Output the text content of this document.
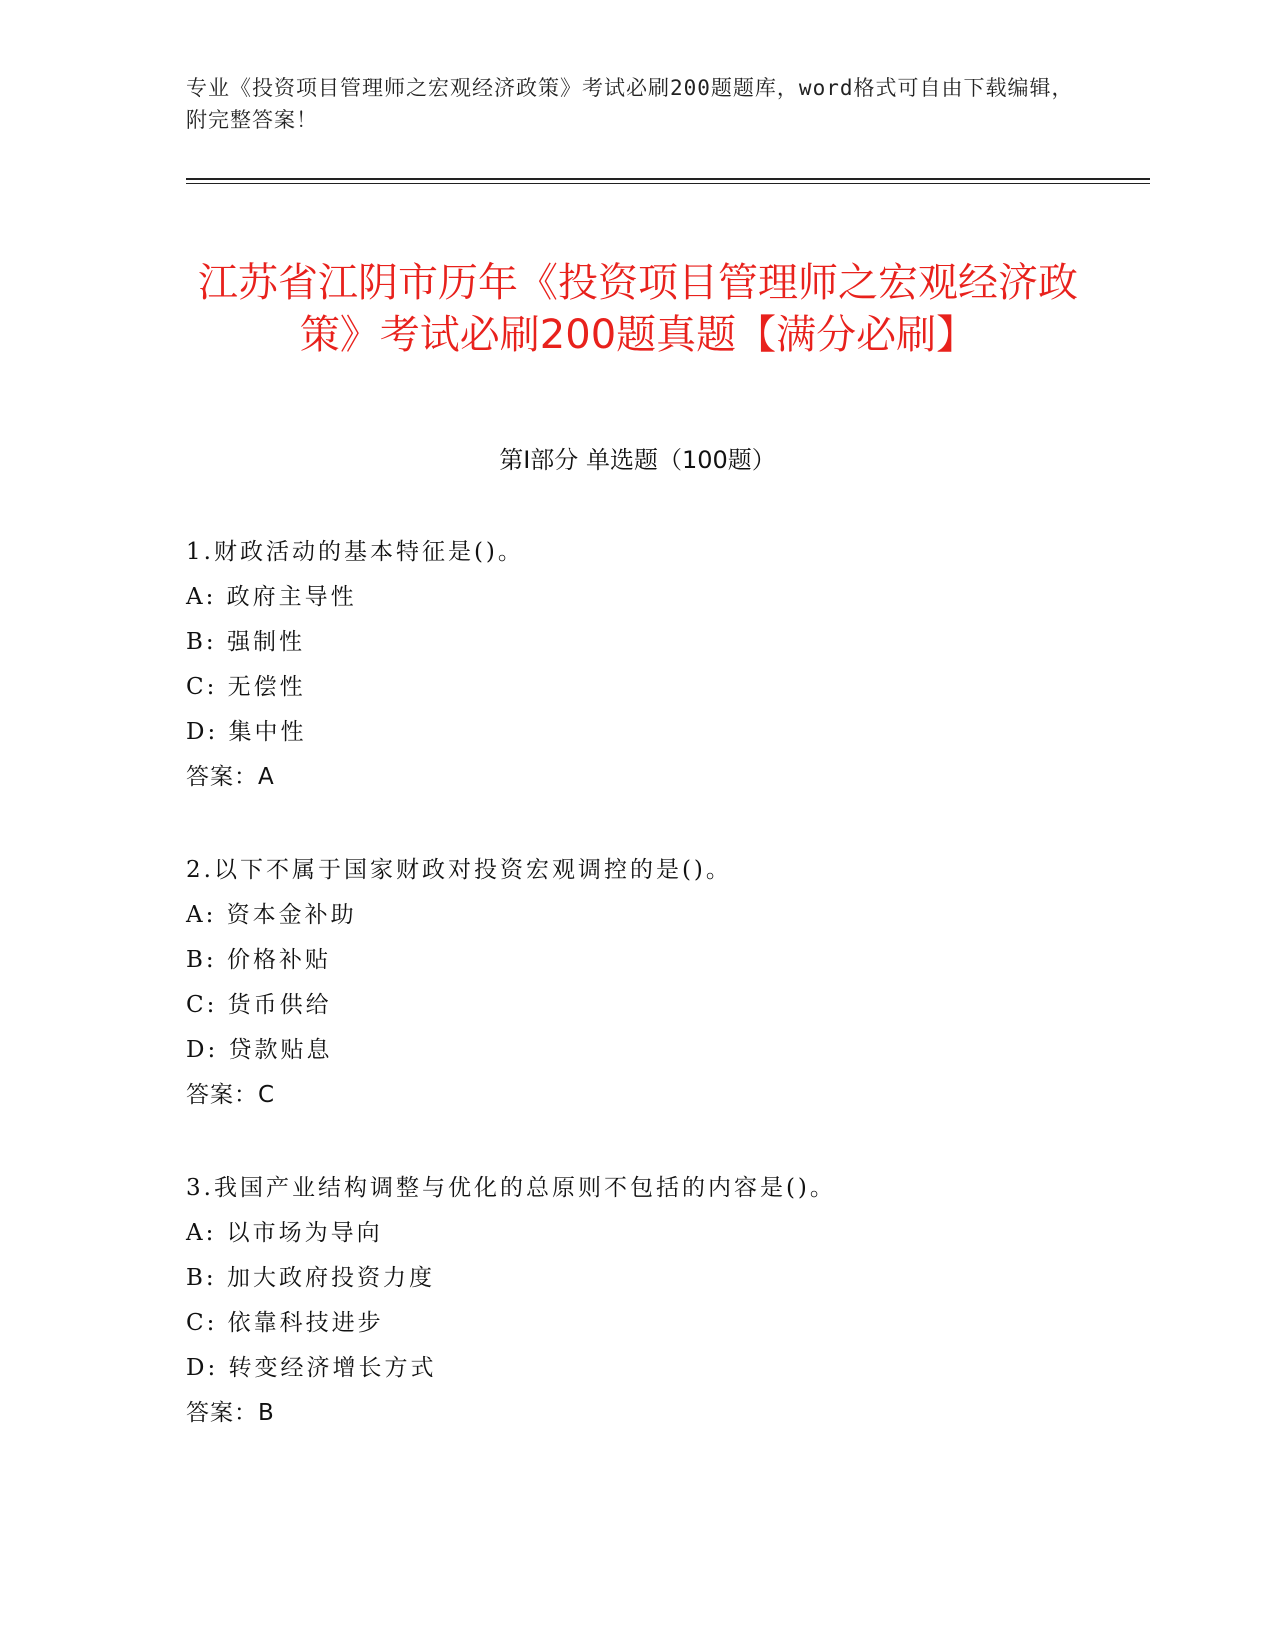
专业《投资项目管理师之宏观经济政策》考试必刷200题题库，word格式可自由下载编辑，附完整答案！
江苏省江阴市历年《投资项目管理师之宏观经济政策》考试必刷200题真题【满分必刷】
第Ⅰ部分 单选题（100题）
1.财政活动的基本特征是()。
A: 政府主导性
B: 强制性
C: 无偿性
D: 集中性
答案：A
2.以下不属于国家财政对投资宏观调控的是()。
A: 资本金补助
B: 价格补贴
C: 货币供给
D: 贷款贴息
答案：C
3.我国产业结构调整与优化的总原则不包括的内容是()。
A: 以市场为导向
B: 加大政府投资力度
C: 依靠科技进步
D: 转变经济增长方式
答案：B
